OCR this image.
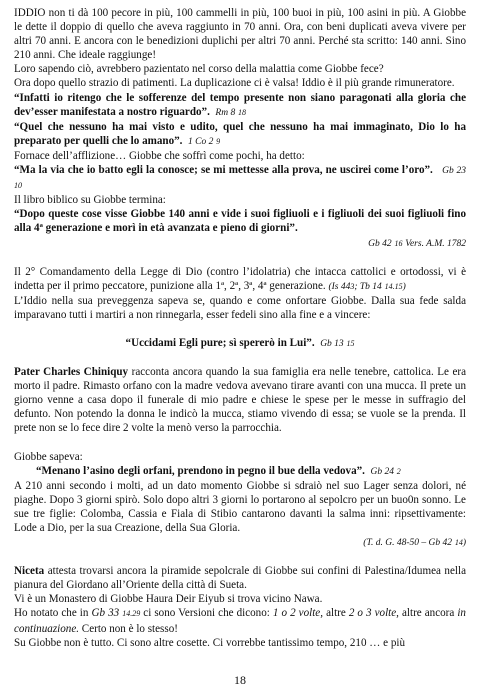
IDDIO non ti dà 100 pecore in più, 100 cammelli in più, 100 buoi in più, 100 asini in più. A Giobbe le dette il doppio di quello che aveva raggiunto in 70 anni. Ora, con beni duplicati aveva vivere per altri 70 anni. E ancora con le benedizioni duplichi per altri 70 anni. Perché sta scritto: 140 anni. Sino 210 anni. Che ideale raggiunge!

Loro sapendo ciò, avrebbero pazientato nel corso della malattia come Giobbe fece?

Ora dopo quello strazio di patimenti. La duplicazione ci è valsa! Iddio è il più grande rimuneratore.

“Infatti io ritengo che le sofferenze del tempo presente non siano paragonati alla gloria che dev’esser manifestata a nostro riguardo”. Rm 8 18

“Quel che nessuno ha mai visto e udito, quel che nessuno ha mai immaginato, Dio lo ha preparato per quelli che lo amano”. 1 Co 2 9

Fornace dell’afflizione… Giobbe che soffrì come pochi, ha detto:

“Ma la via che io batto egli la conosce; se mi mettesse alla prova, ne uscirei come l’oro”. Gb 23 10

Il libro biblico su Giobbe termina:

“Dopo queste cose visse Giobbe 140 anni e vide i suoi figliuoli e i figliuoli dei suoi figliuoli fino alla 4ª generazione e morì in età avanzata e pieno di giorni”.

Gb 42 16 Vers. A.M. 1782

Il 2° Comandamento della Legge di Dio (contro l’idolatria) che intacca cattolici e ortodossi, vi è indetta per il primo peccatore, punizione alla 1ª, 2ª, 3ª, 4ª generazione. (Is 443; Tb 14 14.15)

L’Iddio nella sua preveggenza sapeva se, quando e come onfortare Giobbe. Dalla sua fede salda imparavano tutti i martiri a non rinnegarla, esser fedeli sino alla fine e a vincere:

“Uccidami Egli pure; sì spererò in Lui”. Gb 13 15

Pater Charles Chiniquy racconta ancora quando la sua famiglia era nelle tenebre, cattolica. Le era morto il padre. Rimasto orfano con la madre vedova avevano tirare avanti con una mucca. Il prete un giorno venne a casa dopo il funerale di mio padre e chiese le spese per le messe in suffragio del defunto. Non potendo la donna le indicò la mucca, stiamo vivendo di essa; se vuole se la prenda. Il prete non se lo fece dire 2 volte la menò verso la parrocchia.

Giobbe sapeva:

“Menano l’asino degli orfani, prendono in pegno il bue della vedova”. Gb 24 2

A 210 anni secondo i molti, ad un dato momento Giobbe si sdraiò nel suo Lager senza dolori, né piaghe. Dopo 3 giorni spirò. Solo dopo altri 3 giorni lo portarono al sepolcro per un buo0n sonno. Le sue tre figlie: Colomba, Cassia e Fiala di Stibio cantarono davanti la salma inni: ripsettivamente: Lode a Dio, per la sua Creazione, della Sua Gloria.

(T. d. G. 48-50 – Gb 42 14)

Niceta attesta trovarsi ancora la piramide sepolcrale di Giobbe sui confini di Palestina/Idumea nella pianura del Giordano all’Oriente della città di Sueta.

Vi è un Monastero di Giobbe Haura Deir Eiyub si trova vicino Nawa.

Ho notato che in Gb 33 14.29 ci sono Versioni che dicono: 1 o 2 volte, altre 2 o 3 volte, altre ancora in continuazione. Certo non è lo stesso!

Su Giobbe non è tutto. Ci sono altre cosette. Ci vorrebbe tantissimo tempo, 210 … e più

18
